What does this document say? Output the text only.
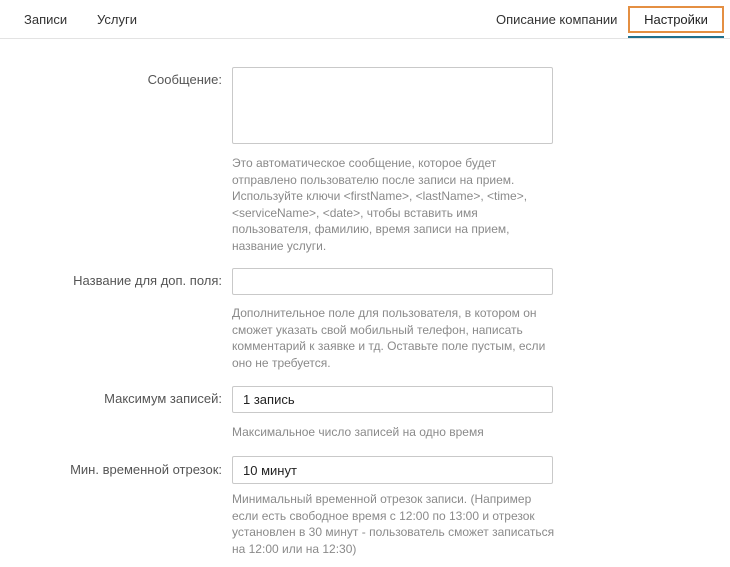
Записи Услуги	Описание компании	Настройки
Сообщение:
Это автоматическое сообщение, которое будет отправлено пользователю после записи на прием. Используйте ключи <firstName>, <lastName>, <time>, <serviceName>, <date>, чтобы вставить имя пользователя, фамилию, время записи на прием, название услуги.
Название для доп. поля:
Дополнительное поле для пользователя, в котором он сможет указать свой мобильный телефон, написать комментарий к заявке и тд. Оставьте поле пустым, если оно не требуется.
Максимум записей:
1 запись
Максимальное число записей на одно время
Мин. временной отрезок:
10 минут
Минимальный временной отрезок записи. (Например если есть свободное время с 12:00 по 13:00 и отрезок установлен в 30 минут - пользователь сможет записаться на 12:00 или на 12:30)
